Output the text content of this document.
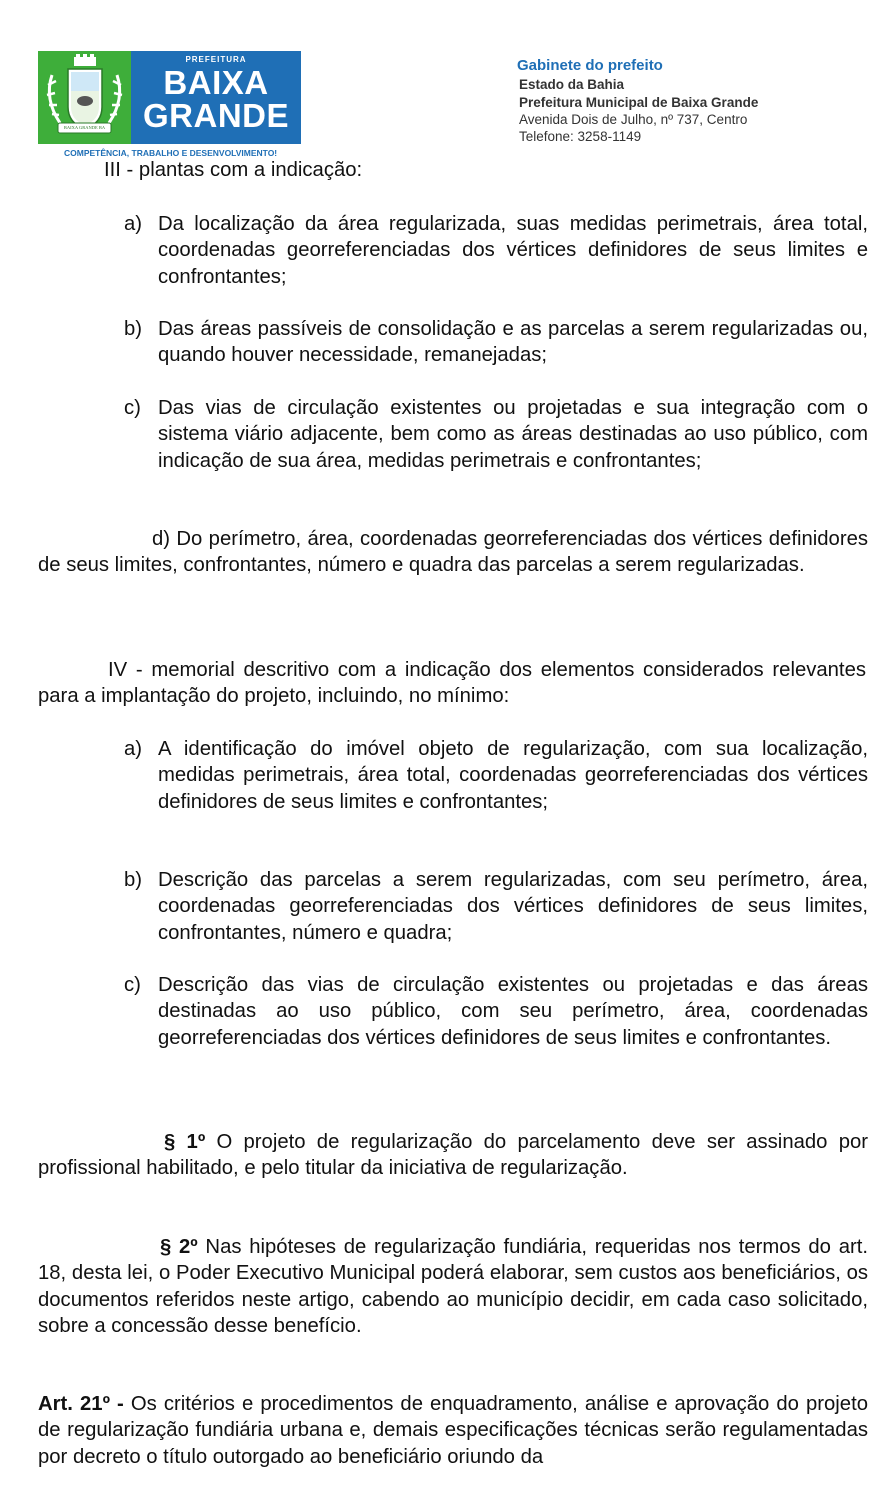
BAIXA GRANDE BA
PREFEITURA
BAIXA
GRANDE
COMPETÊNCIA, TRABALHO E DESENVOLVIMENTO!
Gabinete do prefeito
Estado da Bahia
Prefeitura Municipal de Baixa Grande
Avenida Dois de Julho, nº 737, Centro
Telefone: 3258-1149

III - plantas com a indicação:

a) Da localização da área regularizada, suas medidas perimetrais, área total, coordenadas georreferenciadas dos vértices definidores de seus limites e confrontantes;
b) Das áreas passíveis de consolidação e as parcelas a serem regularizadas ou, quando houver necessidade, remanejadas;
c) Das vias de circulação existentes ou projetadas e sua integração com o sistema viário adjacente, bem como as áreas destinadas ao uso público, com indicação de sua área, medidas perimetrais e confrontantes;

d) Do perímetro, área, coordenadas georreferenciadas dos vértices definidores de seus limites, confrontantes, número e quadra das parcelas a serem regularizadas.

IV - memorial descritivo com a indicação dos elementos considerados relevantes para a implantação do projeto, incluindo, no mínimo:

a) A identificação do imóvel objeto de regularização, com sua localização, medidas perimetrais, área total, coordenadas georreferenciadas dos vértices definidores de seus limites e confrontantes;
b) Descrição das parcelas a serem regularizadas, com seu perímetro, área, coordenadas georreferenciadas dos vértices definidores de seus limites, confrontantes, número e quadra;
c) Descrição das vias de circulação existentes ou projetadas e das áreas destinadas ao uso público, com seu perímetro, área, coordenadas georreferenciadas dos vértices definidores de seus limites e confrontantes.

§ 1º O projeto de regularização do parcelamento deve ser assinado por profissional habilitado, e pelo titular da iniciativa de regularização.

§ 2º Nas hipóteses de regularização fundiária, requeridas nos termos do art. 18, desta lei, o Poder Executivo Municipal poderá elaborar, sem custos aos beneficiários, os documentos referidos neste artigo, cabendo ao município decidir, em cada caso solicitado, sobre a concessão desse benefício.

Art. 21º - Os critérios e procedimentos de enquadramento, análise e aprovação do projeto de regularização fundiária urbana e, demais especificações técnicas serão regulamentadas por decreto o título outorgado ao beneficiário oriundo da
